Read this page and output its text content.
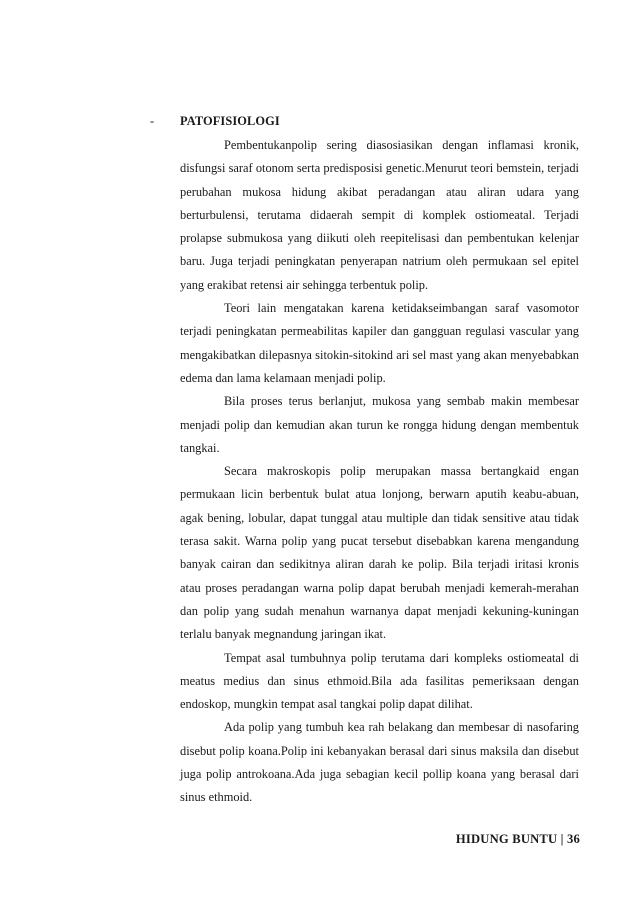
- PATOFISIOLOGI

Pembentukanpolip sering diasosiasikan dengan inflamasi kronik, disfungsi saraf otonom serta predisposisi genetic.Menurut teori bemstein, terjadi perubahan mukosa hidung akibat peradangan atau aliran udara yang berturbulensi, terutama didaerah sempit di komplek ostiomeatal. Terjadi prolapse submukosa yang diikuti oleh reepitelisasi dan pembentukan kelenjar baru. Juga terjadi peningkatan penyerapan natrium oleh permukaan sel epitel yang erakibat retensi air sehingga terbentuk polip.

Teori lain mengatakan karena ketidakseimbangan saraf vasomotor terjadi peningkatan permeabilitas kapiler dan gangguan regulasi vascular yang mengakibatkan dilepasnya sitokin-sitokind ari sel mast yang akan menyebabkan edema dan lama kelamaan menjadi polip.

Bila proses terus berlanjut, mukosa yang sembab makin membesar menjadi polip dan kemudian akan turun ke rongga hidung dengan membentuk tangkai.

Secara makroskopis polip merupakan massa bertangkaid engan permukaan licin berbentuk bulat atua lonjong, berwarn aputih keabu-abuan, agak bening, lobular, dapat tunggal atau multiple dan tidak sensitive atau tidak terasa sakit. Warna polip yang pucat tersebut disebabkan karena mengandung banyak cairan dan sedikitnya aliran darah ke polip. Bila terjadi iritasi kronis atau proses peradangan warna polip dapat berubah menjadi kemerah-merahan dan polip yang sudah menahun warnanya dapat menjadi kekuning-kuningan terlalu banyak megnandung jaringan ikat.

Tempat asal tumbuhnya polip terutama dari kompleks ostiomeatal di meatus medius dan sinus ethmoid.Bila ada fasilitas pemeriksaan dengan endoskop, mungkin tempat asal tangkai polip dapat dilihat.

Ada polip yang tumbuh kea rah belakang dan membesar di nasofaring disebut polip koana.Polip ini kebanyakan berasal dari sinus maksila dan disebut juga polip antrokoana.Ada juga sebagian kecil pollip koana yang berasal dari sinus ethmoid.

HIDUNG BUNTU | 36
